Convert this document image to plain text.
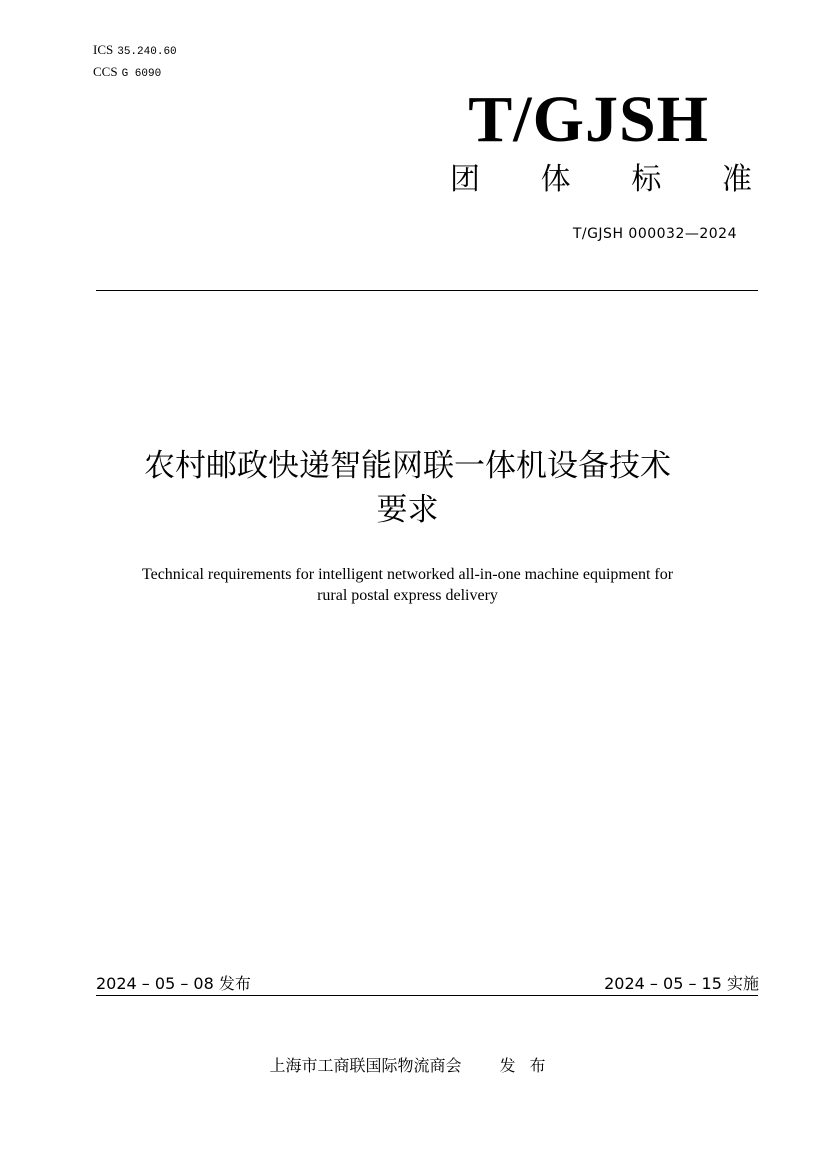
ICS 35.240.60
CCS G 6090
T/GJSH
团 体 标 准
T/GJSH 000032—2024
农村邮政快递智能网联一体机设备技术
要求
Technical requirements for intelligent networked all-in-one machine equipment for
rural postal express delivery
2024 – 05 – 08 发布	2024 – 05 – 15 实施
上海市工商联国际物流商会 发 布
